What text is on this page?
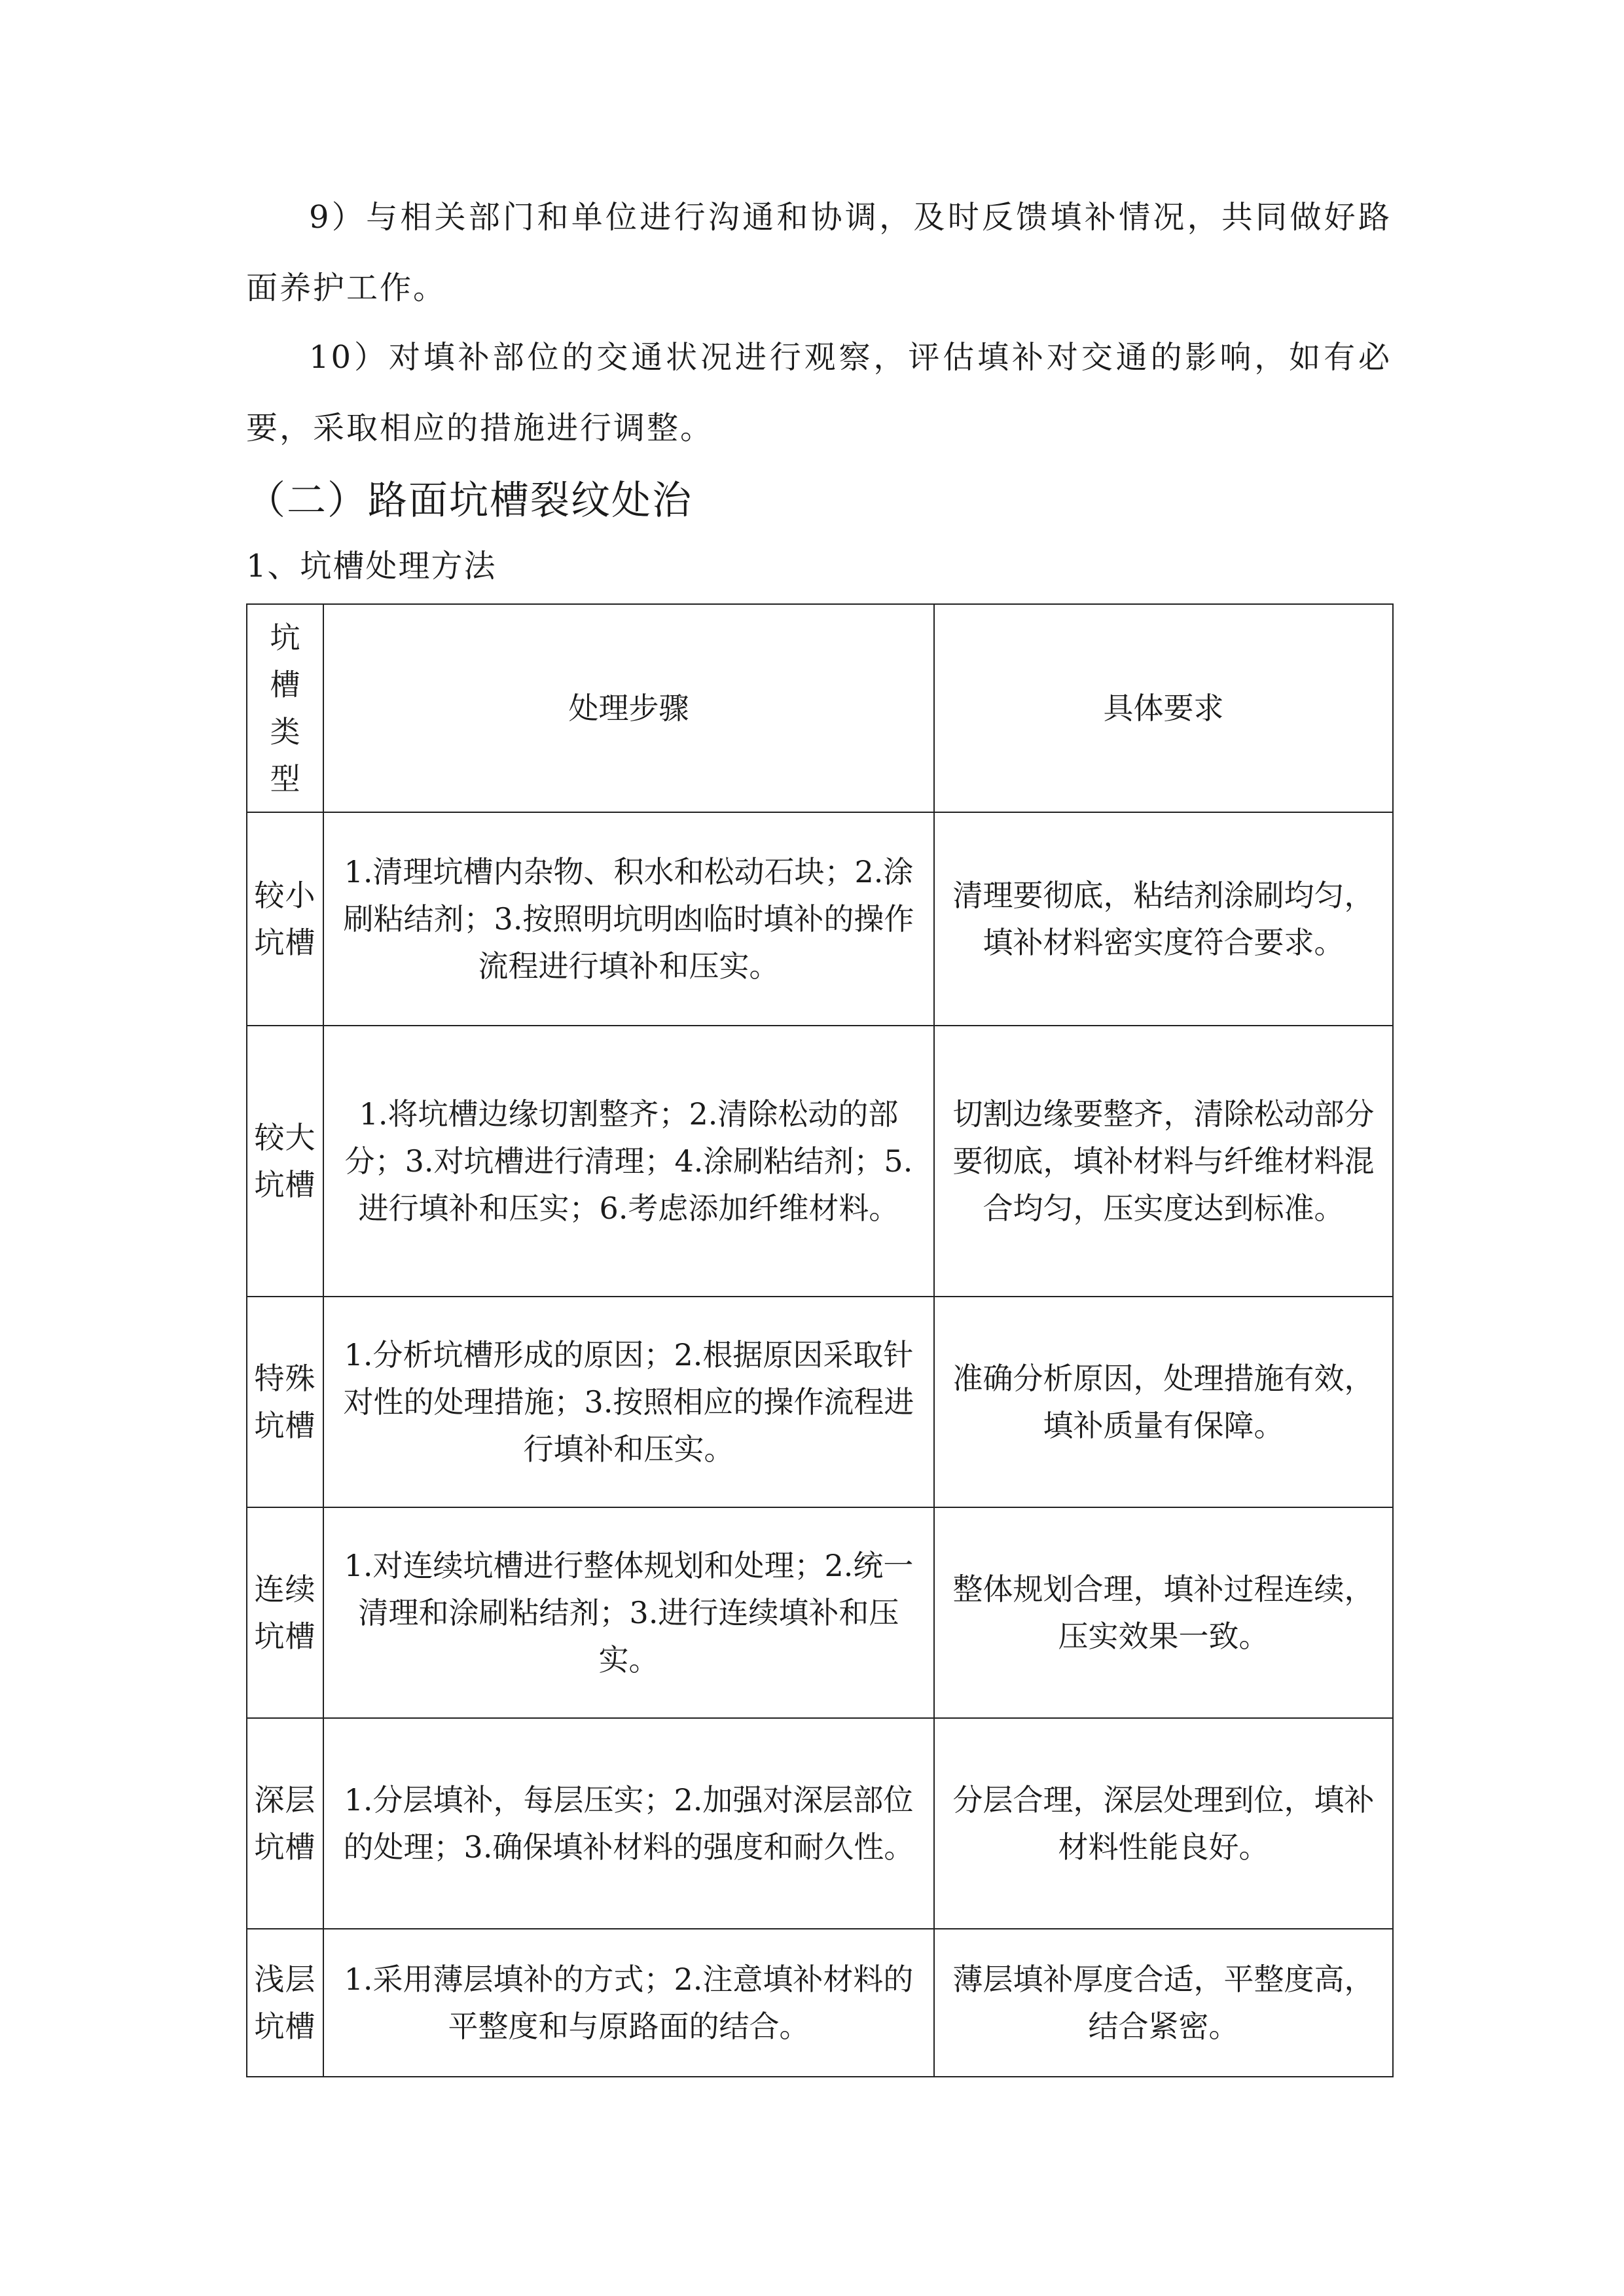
9）与相关部门和单位进行沟通和协调，及时反馈填补情况，共同做好路面养护工作。

10）对填补部位的交通状况进行观察，评估填补对交通的影响，如有必要，采取相应的措施进行调整。

（二）路面坑槽裂纹处治
1、坑槽处理方法
坑槽类型	处理步骤	具体要求
较小坑槽	1.清理坑槽内杂物、积水和松动石块；2.涂刷粘结剂；3.按照明坑明凼临时填补的操作流程进行填补和压实。	清理要彻底，粘结剂涂刷均匀，填补材料密实度符合要求。
较大坑槽	1.将坑槽边缘切割整齐；2.清除松动的部分；3.对坑槽进行清理；4.涂刷粘结剂；5.进行填补和压实；6.考虑添加纤维材料。	切割边缘要整齐，清除松动部分要彻底，填补材料与纤维材料混合均匀，压实度达到标准。
特殊坑槽	1.分析坑槽形成的原因；2.根据原因采取针对性的处理措施；3.按照相应的操作流程进行填补和压实。	准确分析原因，处理措施有效，填补质量有保障。
连续坑槽	1.对连续坑槽进行整体规划和处理；2.统一清理和涂刷粘结剂；3.进行连续填补和压实。	整体规划合理，填补过程连续，压实效果一致。
深层坑槽	1.分层填补，每层压实；2.加强对深层部位的处理；3.确保填补材料的强度和耐久性。	分层合理，深层处理到位，填补材料性能良好。
浅层坑槽	1.采用薄层填补的方式；2.注意填补材料的平整度和与原路面的结合。	薄层填补厚度合适，平整度高，结合紧密。
